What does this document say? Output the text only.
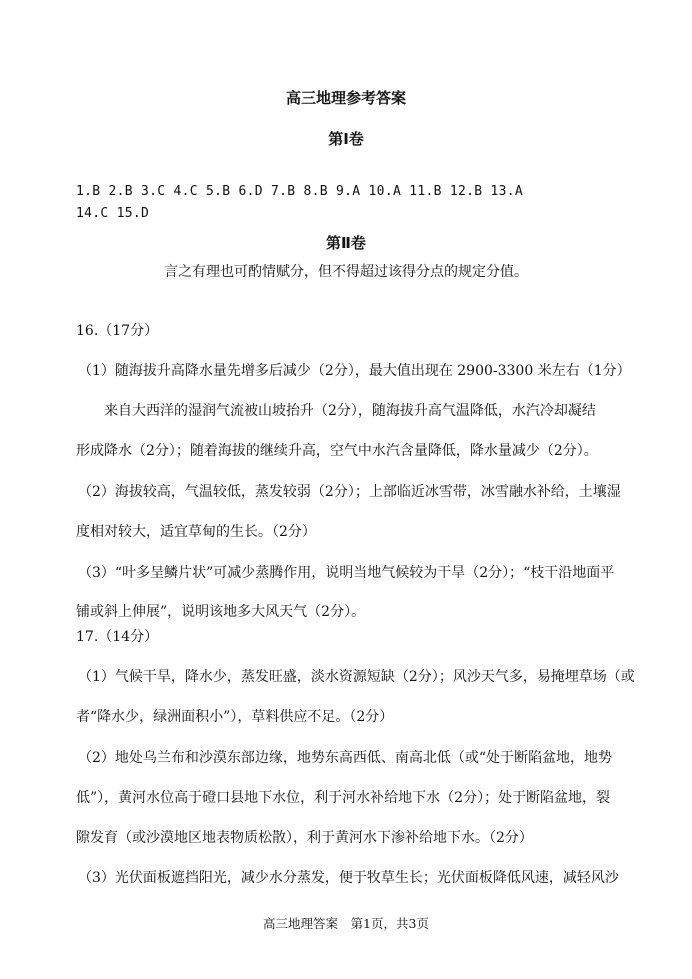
高三地理参考答案
第Ⅰ卷
1.B 2.B 3.C 4.C 5.B 6.D 7.B 8.B 9.A 10.A 11.B 12.B 13.A
14.C 15.D
第Ⅱ卷
言之有理也可酌情赋分，但不得超过该得分点的规定分值。
16.（17分）
（1）随海拔升高降水量先增多后减少（2分），最大值出现在 2900-3300 米左右（1分）
来自大西洋的湿润气流被山坡抬升（2分），随海拔升高气温降低，水汽冷却凝结
形成降水（2分）；随着海拔的继续升高，空气中水汽含量降低，降水量减少（2分）。
（2）海拔较高，气温较低，蒸发较弱（2分）；上部临近冰雪带，冰雪融水补给，土壤湿
度相对较大，适宜草甸的生长。（2分）
（3）“叶多呈鳞片状”可减少蒸腾作用，说明当地气候较为干旱（2分）；“枝干沿地面平
铺或斜上伸展”，说明该地多大风天气（2分）。
17.（14分）
（1）气候干旱，降水少，蒸发旺盛，淡水资源短缺（2分）；风沙天气多，易掩埋草场（或
者“降水少，绿洲面积小”），草料供应不足。（2分）
（2）地处乌兰布和沙漠东部边缘，地势东高西低、南高北低（或“处于断陷盆地，地势
低”），黄河水位高于磴口县地下水位，利于河水补给地下水（2分）；处于断陷盆地，裂
隙发育（或沙漠地区地表物质松散），利于黄河水下渗补给地下水。（2分）
（3）光伏面板遮挡阳光，减少水分蒸发，便于牧草生长；光伏面板降低风速，减轻风沙
高三地理答案　第1页，共3页
